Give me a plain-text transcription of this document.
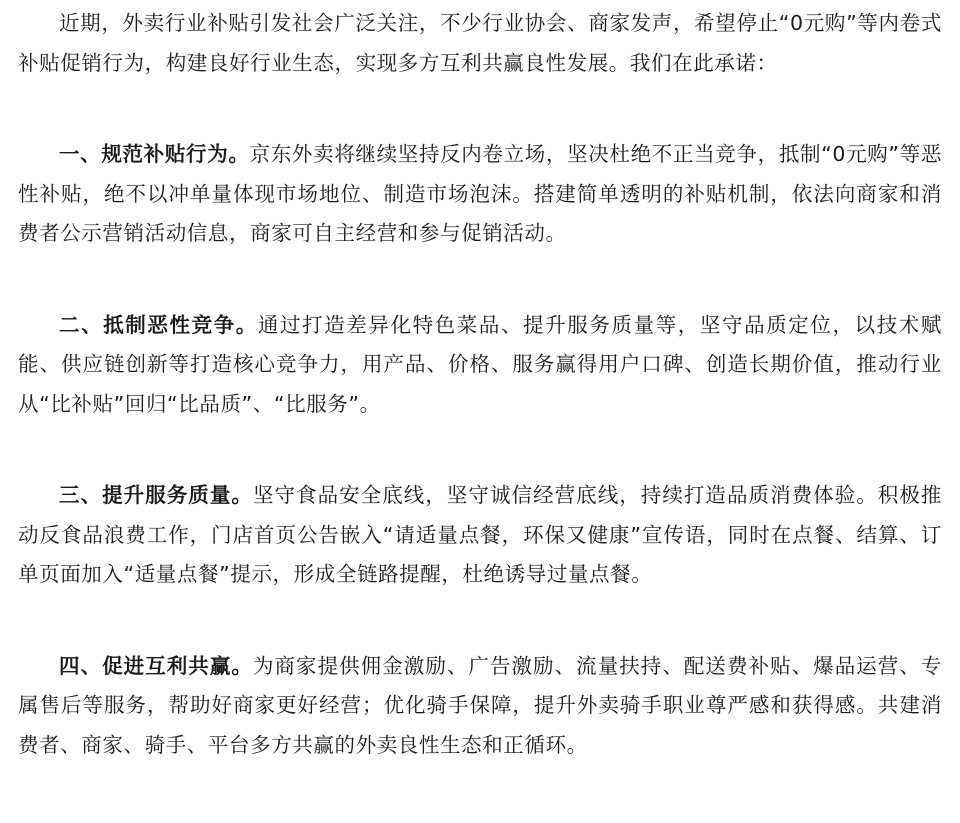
近期，外卖行业补贴引发社会广泛关注，不少行业协会、商家发声，希望停止“0元购”等内卷式补贴促销行为，构建良好行业生态，实现多方互利共赢良性发展。我们在此承诺：

一、规范补贴行为。京东外卖将继续坚持反内卷立场，坚决杜绝不正当竞争，抵制“0元购”等恶性补贴，绝不以冲单量体现市场地位、制造市场泡沫。搭建简单透明的补贴机制，依法向商家和消费者公示营销活动信息，商家可自主经营和参与促销活动。

二、抵制恶性竞争。通过打造差异化特色菜品、提升服务质量等，坚守品质定位，以技术赋能、供应链创新等打造核心竞争力，用产品、价格、服务赢得用户口碑、创造长期价值，推动行业从“比补贴”回归“比品质”、“比服务”。

三、提升服务质量。坚守食品安全底线，坚守诚信经营底线，持续打造品质消费体验。积极推动反食品浪费工作，门店首页公告嵌入“请适量点餐，环保又健康”宣传语，同时在点餐、结算、订单页面加入“适量点餐”提示，形成全链路提醒，杜绝诱导过量点餐。

四、促进互利共赢。为商家提供佣金激励、广告激励、流量扶持、配送费补贴、爆品运营、专属售后等服务，帮助好商家更好经营；优化骑手保障，提升外卖骑手职业尊严感和获得感。共建消费者、商家、骑手、平台多方共赢的外卖良性生态和正循环。
